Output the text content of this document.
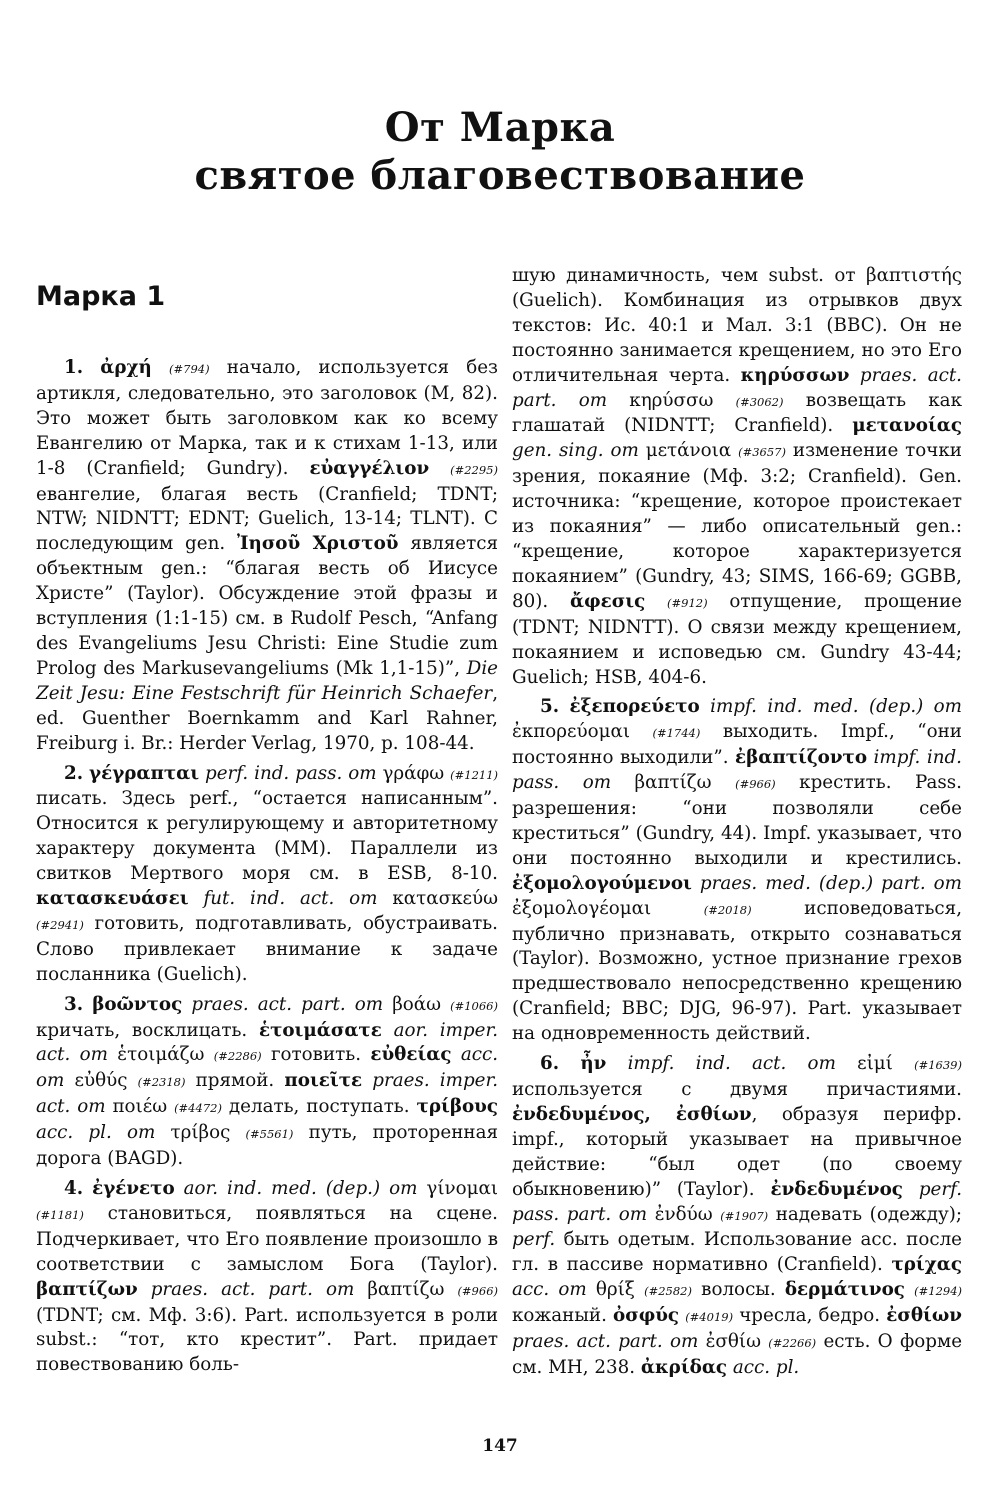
От Марка
святое благовествование
Марка 1

1. ἀρχή (#794) начало, используется без артикля, следовательно, это заголовок (М, 82). Это может быть заголовком как ко всему Евангелию от Марка, так и к стихам 1-13, или 1-8 (Cranfield; Gundry). εὐαγγέλιον (#2295) евангелие, благая весть (Cranfield; TDNT; NTW; NIDNTT; EDNT; Guelich, 13-14; TLNT). С последующим gen. Ἰησοῦ Χριστοῦ является объектным gen.: “благая весть об Иисусе Христе” (Taylor). Обсуждение этой фразы и вступления (1:1-15) см. в Rudolf Pesch, “Anfang des Evangeliums Jesu Christi: Eine Studie zum Prolog des Markusevangeliums (Mk 1,1-15)”, Die Zeit Jesu: Eine Festschrift für Heinrich Schaefer, ed. Guenther Boernkamm and Karl Rahner, Freiburg i. Br.: Herder Verlag, 1970, p. 108-44.

2. γέγραπται perf. ind. pass. от γράφω (#1211) писать. Здесь perf., “остается написанным”. Относится к регулирующему и авторитетному характеру документа (ММ). Параллели из свитков Мертвого моря см. в ESB, 8-10. κατασκευάσει fut. ind. act. от κατασκεύω (#2941) готовить, подготавливать, обустраивать. Слово привлекает внимание к задаче посланника (Guelich).

3. βοῶντος praes. act. part. от βοάω (#1066) кричать, восклицать. ἑτοιμάσατε aor. imper. act. от ἑτοιμάζω (#2286) готовить. εὐθείας acc. от εὐθύς (#2318) прямой. ποιεῖτε praes. imper. act. от ποιέω (#4472) делать, поступать. τρίβους acc. pl. от τρίβος (#5561) путь, проторенная дорога (BAGD).

4. ἐγένετο aor. ind. med. (dep.) от γίνομαι (#1181) становиться, появляться на сцене. Подчеркивает, что Его появление произошло в соответствии с замыслом Бога (Taylor). βαπτίζων praes. act. part. от βαπτίζω (#966) (TDNT; см. Мф. 3:6). Part. используется в роли subst.: “тот, кто крестит”. Part. придает повествованию боль-

шую динамичность, чем subst. от βαπτιστής (Guelich). Комбинация из отрывков двух текстов: Ис. 40:1 и Мал. 3:1 (BBC). Он не постоянно занимается крещением, но это Его отличительная черта. κηρύσσων praes. act. part. от κηρύσσω (#3062) возвещать как глашатай (NIDNTT; Cranfield). μετανοίας gen. sing. от μετάνοια (#3657) изменение точки зрения, покаяние (Мф. 3:2; Cranfield). Gen. источника: “крещение, которое проистекает из покаяния” — либо описательный gen.: “крещение, которое характеризуется покаянием” (Gundry, 43; SIMS, 166-69; GGBB, 80). ἄφεσις (#912) отпущение, прощение (TDNT; NIDNTT). О связи между крещением, покаянием и исповедью см. Gundry 43-44; Guelich; HSB, 404-6.

5. ἐξεπορεύετο impf. ind. med. (dep.) от ἐκπορεύομαι (#1744) выходить. Impf., “они постоянно выходили”. ἐβαπτίζοντο impf. ind. pass. от βαπτίζω (#966) крестить. Pass. разрешения: “они позволяли себе креститься” (Gundry, 44). Impf. указывает, что они постоянно выходили и крестились. ἐξομολογούμενοι praes. med. (dep.) part. от ἐξομολογέομαι	(#2018) исповедоваться, публично признавать, открыто сознаваться (Taylor). Возможно, устное признание грехов предшествовало непосредственно крещению (Cranfield; BBC; DJG, 96-97). Part. указывает на одновременность действий.

6. ἦν impf. ind. act. от εἰμί (#1639) используется с двумя причастиями. ἐνδεδυμένος, ἐσθίων, образуя перифр. impf., который указывает на привычное действие: “был одет (по своему обыкновению)” (Taylor). ἐνδεδυμένος perf. pass. part. от ἐνδύω (#1907) надевать (одежду); perf. быть одетым. Использование acc. после гл. в пассиве нормативно (Cranfield). τρίχας acc. от θρίξ (#2582) волосы. δερμάτινος (#1294) кожаный. ὀσφύς (#4019) чресла, бедро. ἐσθίων praes. act. part. от ἐσθίω (#2266) есть. О форме см. MH, 238. ἀκρίδας acc. pl.

147
